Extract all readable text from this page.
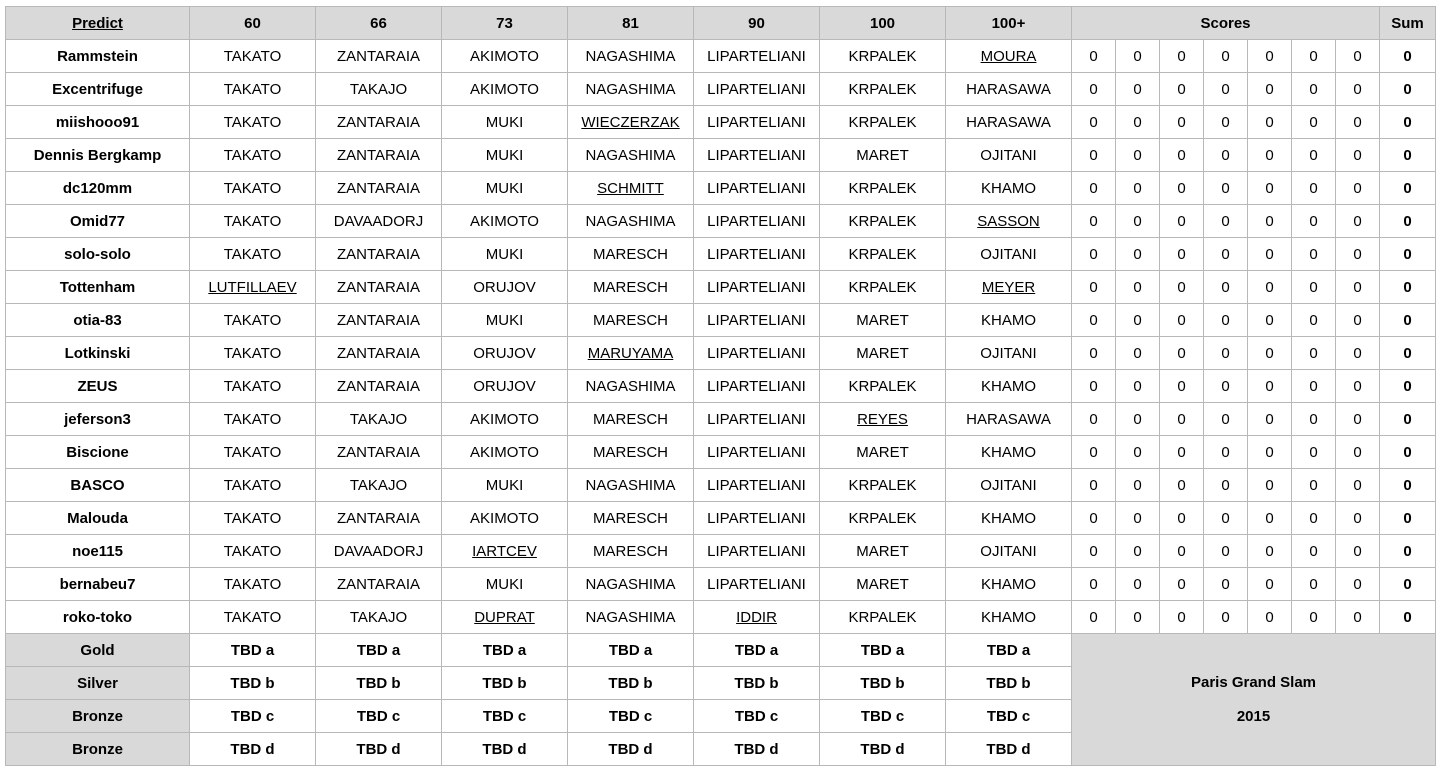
Predict	60	66	73	81	90	100	100+	Scores							Sum
Rammstein	TAKATO	ZANTARAIA	AKIMOTO	NAGASHIMA	LIPARTELIANI	KRPALEK	MOURA	0	0	0	0	0	0	0	0
Excentrifuge	TAKATO	TAKAJO	AKIMOTO	NAGASHIMA	LIPARTELIANI	KRPALEK	HARASAWA	0	0	0	0	0	0	0	0
miishooo91	TAKATO	ZANTARAIA	MUKI	WIECZERZAK	LIPARTELIANI	KRPALEK	HARASAWA	0	0	0	0	0	0	0	0
Dennis Bergkamp	TAKATO	ZANTARAIA	MUKI	NAGASHIMA	LIPARTELIANI	MARET	OJITANI	0	0	0	0	0	0	0	0
dc120mm	TAKATO	ZANTARAIA	MUKI	SCHMITT	LIPARTELIANI	KRPALEK	KHAMO	0	0	0	0	0	0	0	0
Omid77	TAKATO	DAVAADORJ	AKIMOTO	NAGASHIMA	LIPARTELIANI	KRPALEK	SASSON	0	0	0	0	0	0	0	0
solo-solo	TAKATO	ZANTARAIA	MUKI	MARESCH	LIPARTELIANI	KRPALEK	OJITANI	0	0	0	0	0	0	0	0
Tottenham	LUTFILLAEV	ZANTARAIA	ORUJOV	MARESCH	LIPARTELIANI	KRPALEK	MEYER	0	0	0	0	0	0	0	0
otia-83	TAKATO	ZANTARAIA	MUKI	MARESCH	LIPARTELIANI	MARET	KHAMO	0	0	0	0	0	0	0	0
Lotkinski	TAKATO	ZANTARAIA	ORUJOV	MARUYAMA	LIPARTELIANI	MARET	OJITANI	0	0	0	0	0	0	0	0
ZEUS	TAKATO	ZANTARAIA	ORUJOV	NAGASHIMA	LIPARTELIANI	KRPALEK	KHAMO	0	0	0	0	0	0	0	0
jeferson3	TAKATO	TAKAJO	AKIMOTO	MARESCH	LIPARTELIANI	REYES	HARASAWA	0	0	0	0	0	0	0	0
Biscione	TAKATO	ZANTARAIA	AKIMOTO	MARESCH	LIPARTELIANI	MARET	KHAMO	0	0	0	0	0	0	0	0
BASCO	TAKATO	TAKAJO	MUKI	NAGASHIMA	LIPARTELIANI	KRPALEK	OJITANI	0	0	0	0	0	0	0	0
Malouda	TAKATO	ZANTARAIA	AKIMOTO	MARESCH	LIPARTELIANI	KRPALEK	KHAMO	0	0	0	0	0	0	0	0
noe115	TAKATO	DAVAADORJ	IARTCEV	MARESCH	LIPARTELIANI	MARET	OJITANI	0	0	0	0	0	0	0	0
bernabeu7	TAKATO	ZANTARAIA	MUKI	NAGASHIMA	LIPARTELIANI	MARET	KHAMO	0	0	0	0	0	0	0	0
roko-toko	TAKATO	TAKAJO	DUPRAT	NAGASHIMA	IDDIR	KRPALEK	KHAMO	0	0	0	0	0	0	0	0
Gold	TBD a	TBD a	TBD a	TBD a	TBD a	TBD a	TBD a	Paris Grand Slam
2015							

Silver	TBD b	TBD b	TBD b	TBD b	TBD b	TBD b	TBD b								
Bronze	TBD c	TBD c	TBD c	TBD c	TBD c	TBD c	TBD c								
Bronze	TBD d	TBD d	TBD d	TBD d	TBD d	TBD d	TBD d								
